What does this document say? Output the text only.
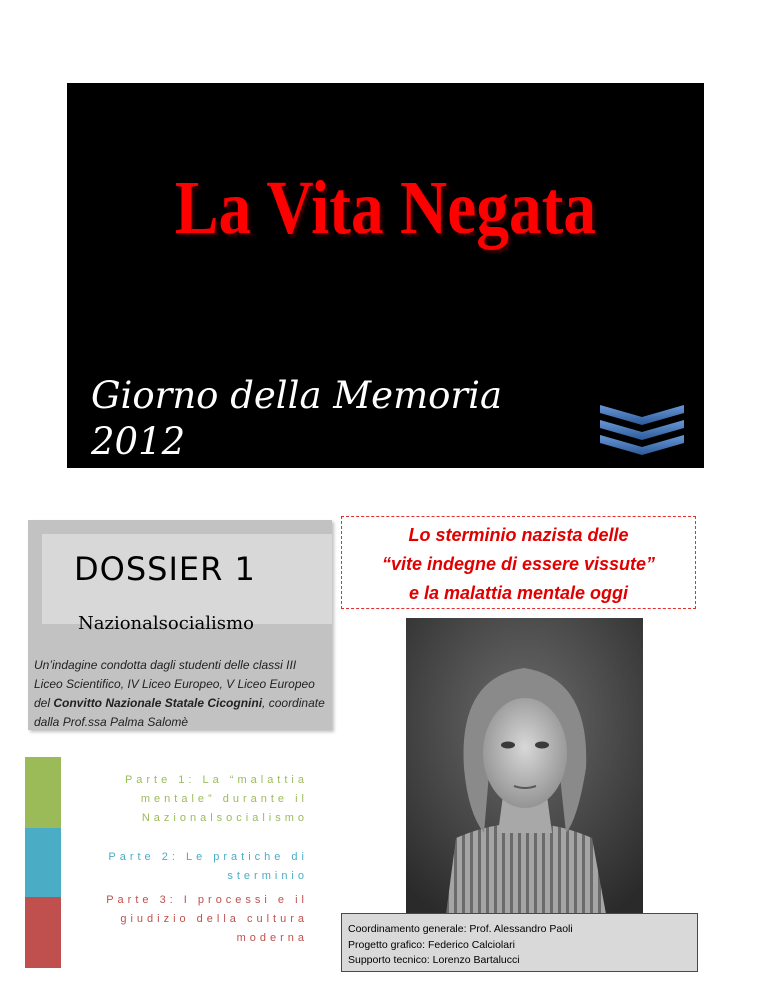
La Vita Negata
Giorno della Memoria
2012
DOSSIER 1
Nazionalsocialismo
Un’indagine condotta dagli studenti delle classi III Liceo Scientifico, IV Liceo Europeo, V Liceo Europeo del Convitto Nazionale Statale Cicognini, coordinate dalla Prof.ssa Palma Salomè
Parte 1: La “malattia mentale” durante il Nazionalsocialismo
Parte 2: Le pratiche di sterminio
Parte 3: I processi e il giudizio della cultura moderna
Lo sterminio nazista delle
“vite indegne di essere vissute”
e la malattia mentale oggi
Coordinamento generale: Prof. Alessandro Paoli
Progetto grafico: Federico Calciolari
Supporto tecnico: Lorenzo Bartalucci
